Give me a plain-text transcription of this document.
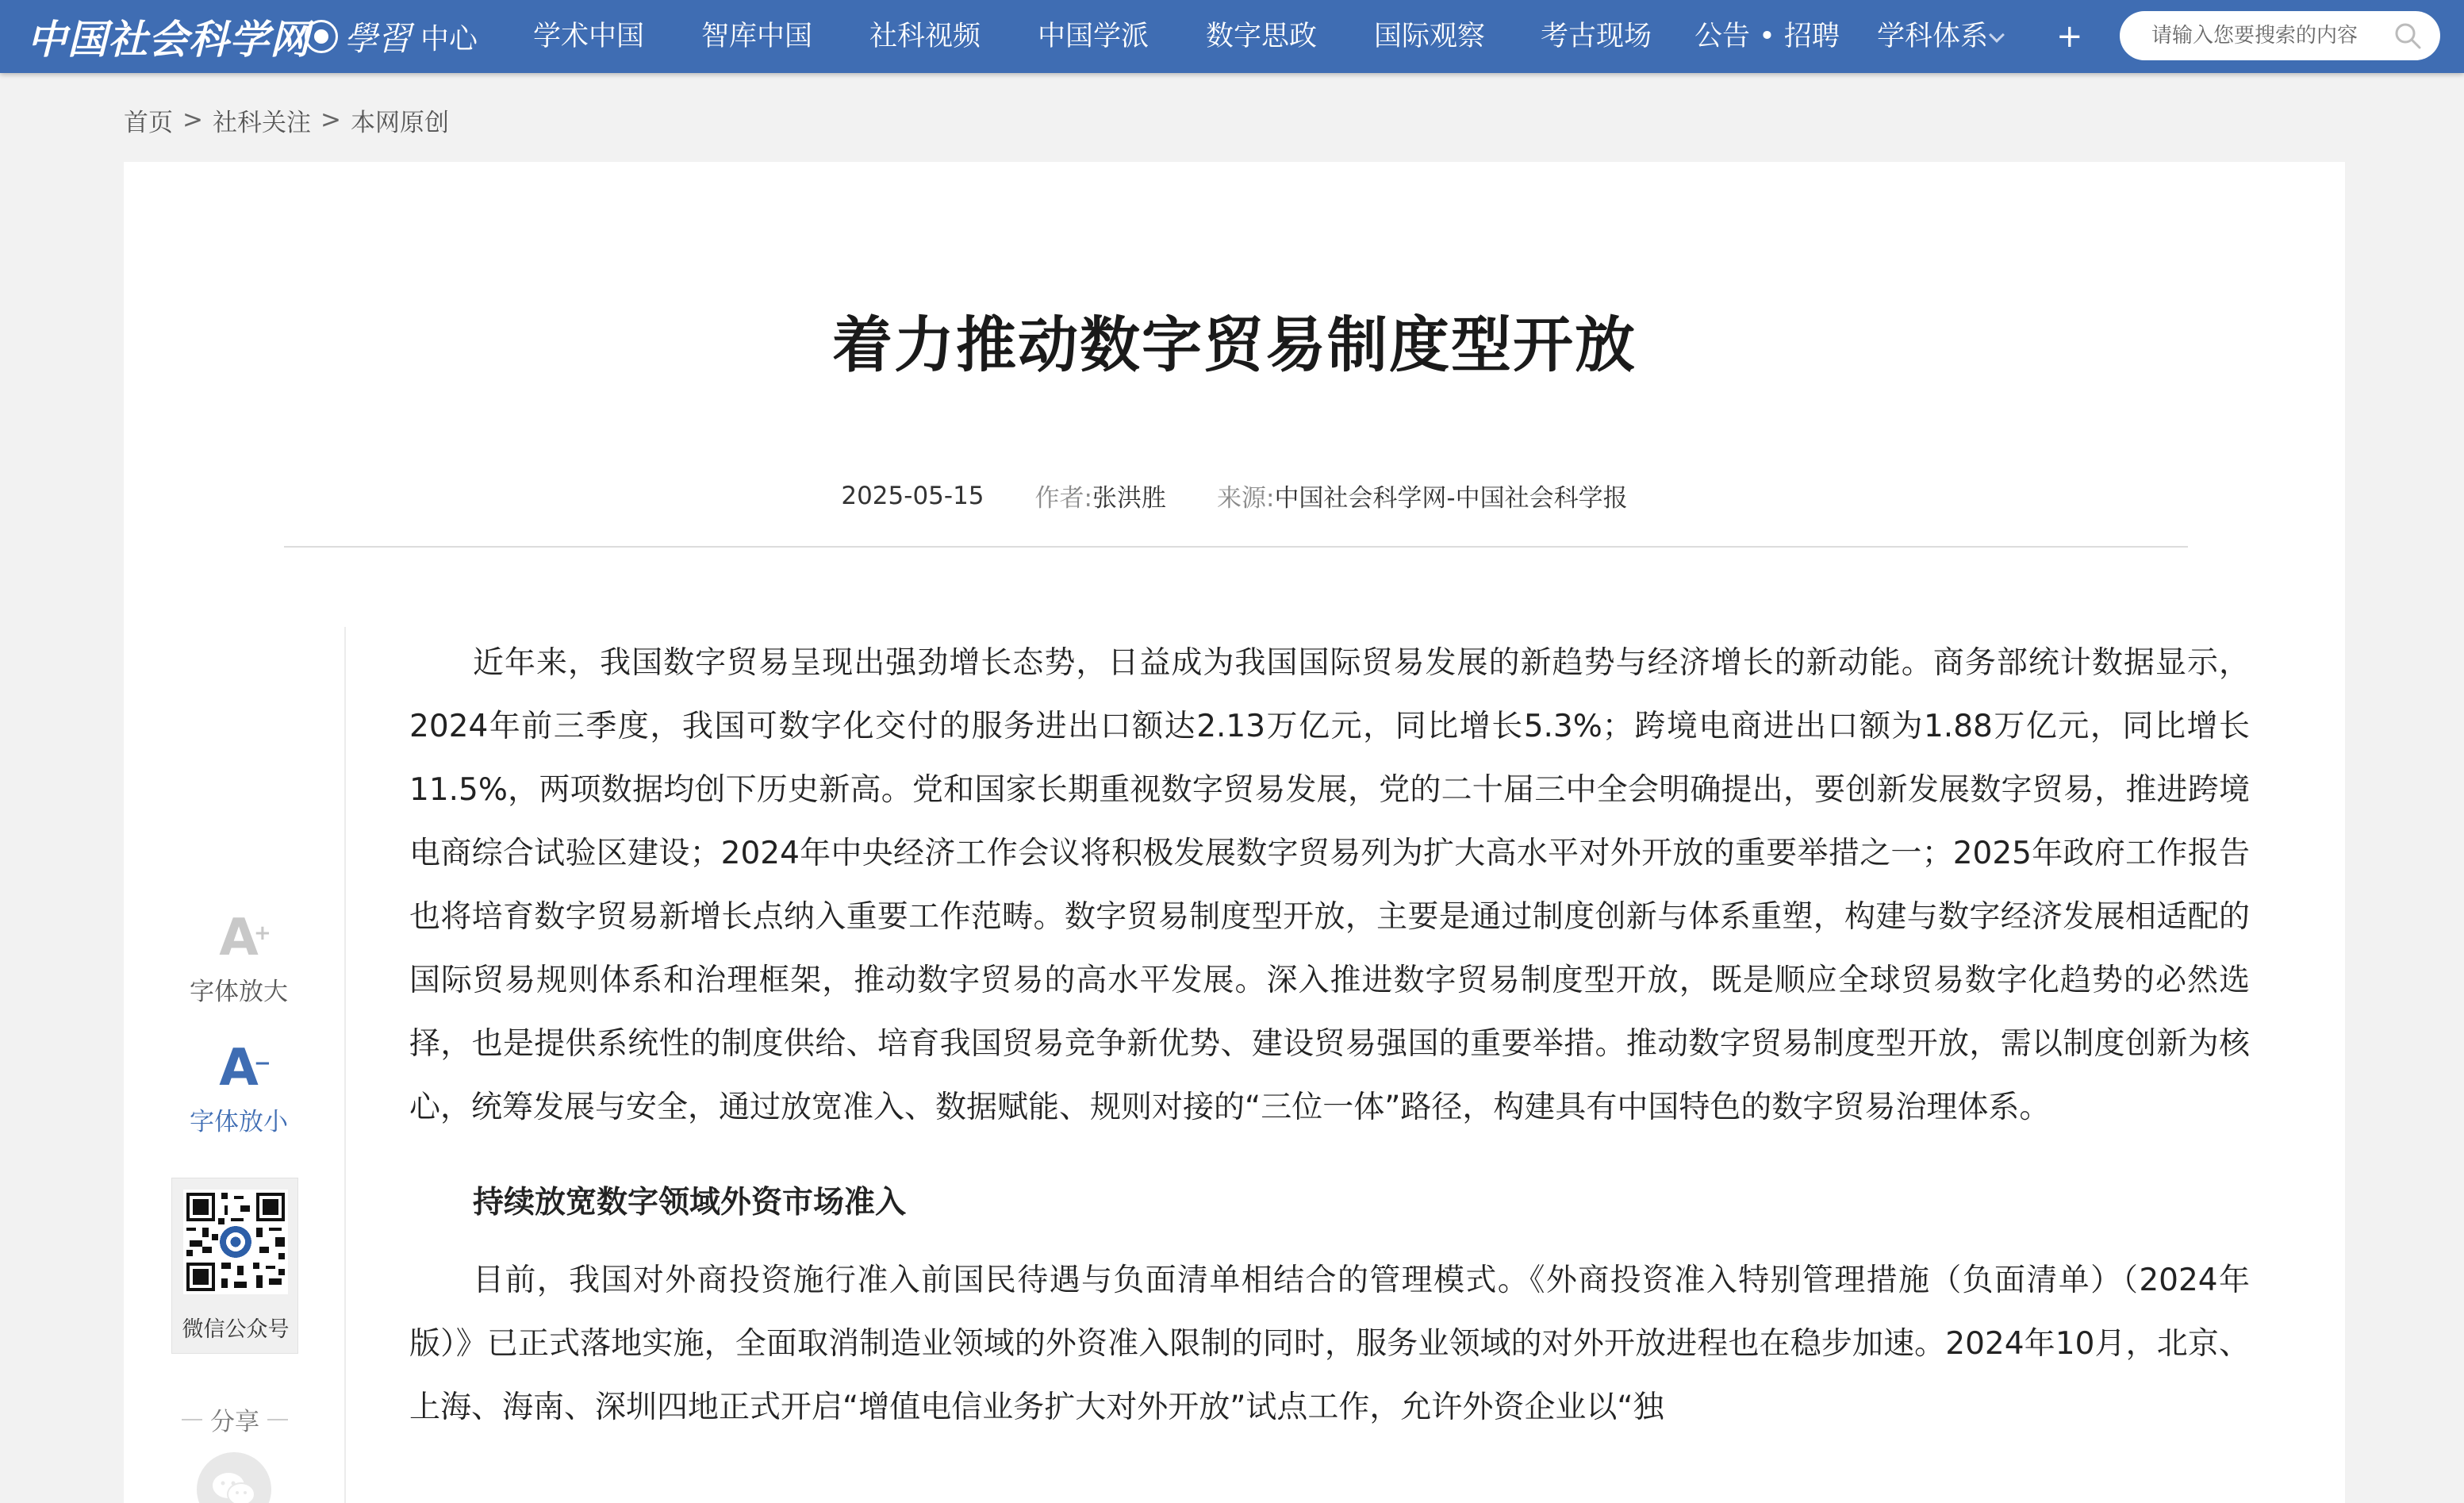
中国社会科学网 學習 中心 学术中国 智库中国 社科视频 中国学派 数字思政 国际观察 考古现场 公告 • 招聘 学科体系	+
请输入您要搜索的内容
首页 > 社科关注 > 本网原创
着力推动数字贸易制度型开放
2025-05-15 作者: 张洪胜 来源: 中国社会科学网-中国社会科学报
A
+
字体放大
A
−
字体放小
微信公众号
分享

近年来，我国数字贸易呈现出强劲增长态势，日益成为我国国际贸易发展的新趋势与经济增长的新动能。商务部统计数据显示，2024年前三季度，我国可数字化交付的服务进出口额达2.13万亿元，同比增长5.3%；跨境电商进出口额为1.88万亿元，同比增长11.5%，两项数据均创下历史新高。党和国家长期重视数字贸易发展，党的二十届三中全会明确提出，要创新发展数字贸易，推进跨境电商综合试验区建设；2024年中央经济工作会议将积极发展数字贸易列为扩大高水平对外开放的重要举措之一；2025年政府工作报告也将培育数字贸易新增长点纳入重要工作范畴。数字贸易制度型开放，主要是通过制度创新与体系重塑，构建与数字经济发展相适配的国际贸易规则体系和治理框架，推动数字贸易的高水平发展。深入推进数字贸易制度型开放，既是顺应全球贸易数字化趋势的必然选择，也是提供系统性的制度供给、培育我国贸易竞争新优势、建设贸易强国的重要举措。推动数字贸易制度型开放，需以制度创新为核心，统筹发展与安全，通过放宽准入、数据赋能、规则对接的“三位一体”路径，构建具有中国特色的数字贸易治理体系。

持续放宽数字领域外资市场准入

目前，我国对外商投资施行准入前国民待遇与负面清单相结合的管理模式。《外商投资准入特别管理措施（负面清单）（2024年版）》已正式落地实施，全面取消制造业领域的外资准入限制的同时，服务业领域的对外开放进程也在稳步加速。2024年10月，北京、上海、海南、深圳四地正式开启“增值电信业务扩大对外开放”试点工作，允许外资企业以“独
